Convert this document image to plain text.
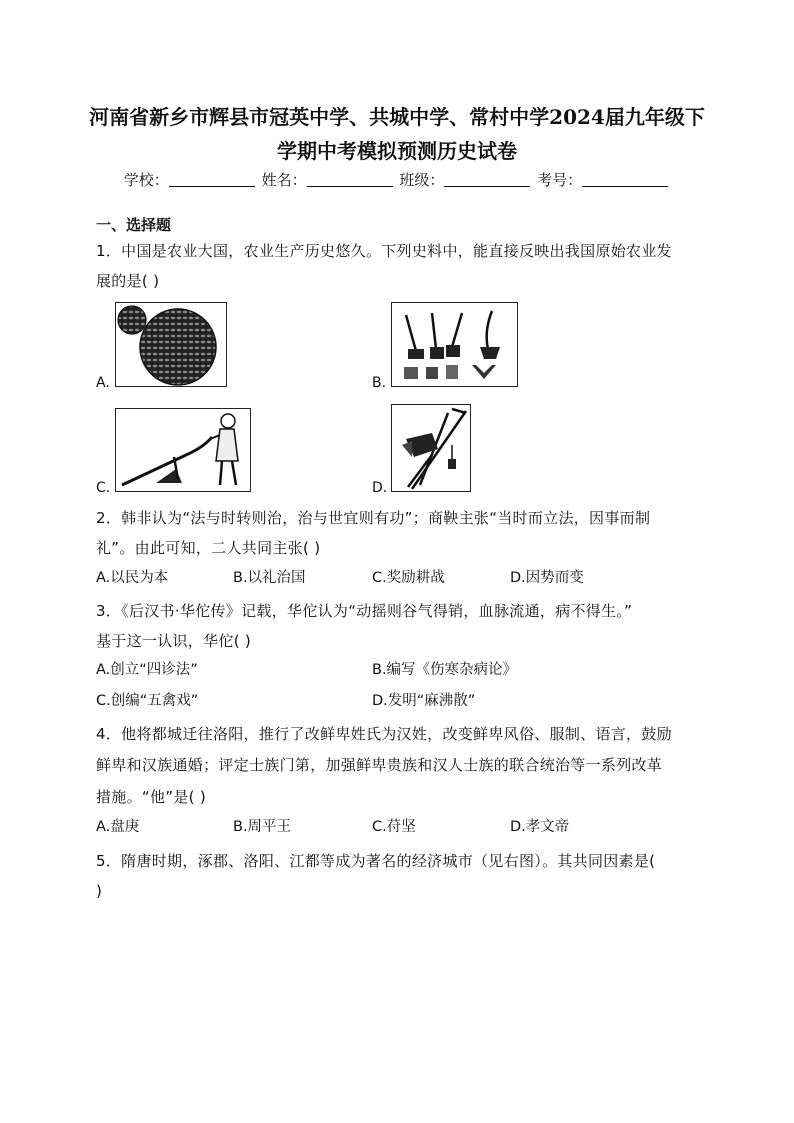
河南省新乡市辉县市冠英中学、共城中学、常村中学2024届九年级下
学期中考模拟预测历史试卷
学校：	姓名：	班级：	考号：
一、选择题
1．中国是农业大国，农业生产历史悠久。下列史料中，能直接反映出我国原始农业发
展的是( )
A.	B.
C.	D.
2．韩非认为“法与时转则治，治与世宜则有功”；商鞅主张“当时而立法，因事而制
礼”。由此可知，二人共同主张( )
A.以民为本	B.以礼治国	C.奖励耕战	D.因势而变
3．《后汉书·华佗传》记载，华佗认为“动摇则谷气得销，血脉流通，病不得生。”
基于这一认识，华佗( )
A.创立“四诊法”	B.编写《伤寒杂病论》
C.创编“五禽戏”	D.发明“麻沸散”
4．他将都城迁往洛阳，推行了改鲜卑姓氏为汉姓，改变鲜卑风俗、服制、语言，鼓励
鲜卑和汉族通婚；评定士族门第，加强鲜卑贵族和汉人士族的联合统治等一系列改革
措施。“他”是( )
A.盘庚	B.周平王	C.苻坚	D.孝文帝
5．隋唐时期，涿郡、洛阳、江都等成为著名的经济城市（见右图）。其共同因素是(
)
